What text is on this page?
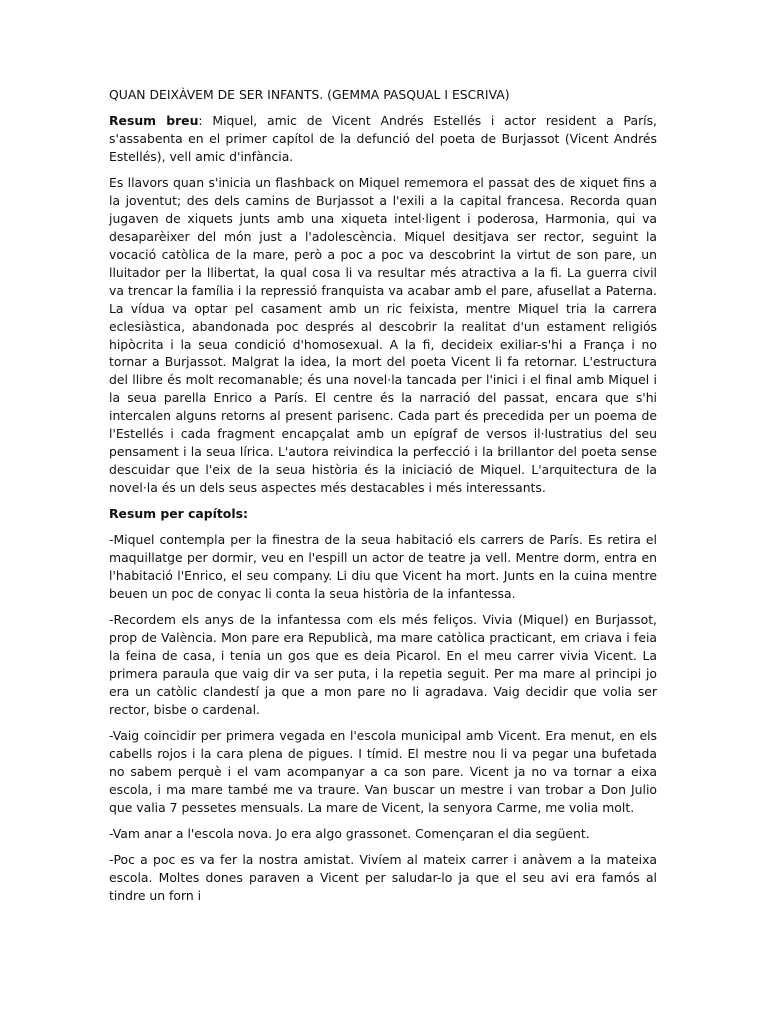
QUAN DEIXÀVEM DE SER INFANTS. (GEMMA PASQUAL I ESCRIVA)

Resum breu: Miquel, amic de Vicent Andrés Estellés i actor resident a París, s'assabenta en el primer capítol de la defunció del poeta de Burjassot (Vicent Andrés Estellés), vell amic d'infància.

Es llavors quan s'inicia un flashback on Miquel rememora el passat des de xiquet fins a la joventut; des dels camins de Burjassot a l'exili a la capital francesa. Recorda quan jugaven de xiquets junts amb una xiqueta intel·ligent i poderosa, Harmonia, qui va desaparèixer del món just a l'adolescència. Miquel desitjava ser rector, seguint la vocació catòlica de la mare, però a poc a poc va descobrint la virtut de son pare, un lluitador per la llibertat, la qual cosa li va resultar més atractiva a la fi. La guerra civil va trencar la família i la repressió franquista va acabar amb el pare, afusellat a Paterna. La vídua va optar pel casament amb un ric feixista, mentre Miquel tria la carrera eclesiàstica, abandonada poc després al descobrir la realitat d'un estament religiós hipòcrita i la seua condició d'homosexual. A la fi, decideix exiliar-s'hi a França i no tornar a Burjassot. Malgrat la idea, la mort del poeta Vicent li fa retornar. L'estructura del llibre és molt recomanable; és una novel·la tancada per l'inici i el final amb Miquel i la seua parella Enrico a París. El centre és la narració del passat, encara que s'hi intercalen alguns retorns al present parisenc. Cada part és precedida per un poema de l'Estellés i cada fragment encapçalat amb un epígraf de versos il·lustratius del seu pensament i la seua lírica. L'autora reivindica la perfecció i la brillantor del poeta sense descuidar que l'eix de la seua història és la iniciació de Miquel. L'arquitectura de la novel·la és un dels seus aspectes més destacables i més interessants.

Resum per capítols:

-Miquel contempla per la finestra de la seua habitació els carrers de París. Es retira el maquillatge per dormir, veu en l'espill un actor de teatre ja vell. Mentre dorm, entra en l'habitació l'Enrico, el seu company. Li diu que Vicent ha mort. Junts en la cuina mentre beuen un poc de conyac li conta la seua història de la infantessa.

-Recordem els anys de la infantessa com els més feliços. Vivia (Miquel) en Burjassot, prop de València. Mon pare era Republicà, ma mare catòlica practicant, em criava i feia la feina de casa, i tenia un gos que es deia Picarol. En el meu carrer vivia Vicent. La primera paraula que vaig dir va ser puta, i la repetia seguit. Per ma mare al principi jo era un catòlic clandestí ja que a mon pare no li agradava. Vaig decidir que volia ser rector, bisbe o cardenal.

-Vaig coincidir per primera vegada en l'escola municipal amb Vicent. Era menut, en els cabells rojos i la cara plena de pigues. I tímid. El mestre nou li va pegar una bufetada no sabem perquè i el vam acompanyar a ca son pare. Vicent ja no va tornar a eixa escola, i ma mare també me va traure. Van buscar un mestre i van trobar a Don Julio que valia 7 pessetes mensuals. La mare de Vicent, la senyora Carme, me volia molt.

-Vam anar a l'escola nova. Jo era algo grassonet. Començaran el dia següent.

-Poc a poc es va fer la nostra amistat. Vivíem al mateix carrer i anàvem a la mateixa escola. Moltes dones paraven a Vicent per saludar-lo ja que el seu avi era famós al tindre un forn i
